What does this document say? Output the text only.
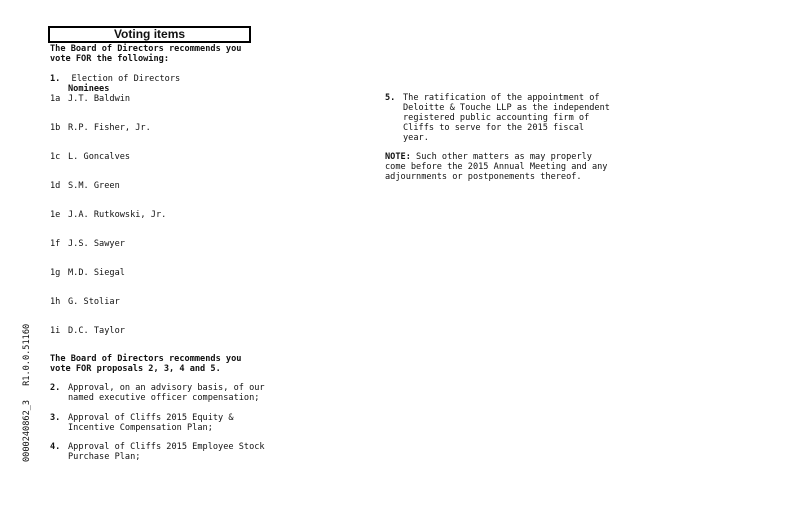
Voting items
The Board of Directors recommends you
vote FOR the following:
1. Election of Directors
Nominees
1a J.T. Baldwin
1b R.P. Fisher, Jr.
1c L. Goncalves
1d S.M. Green
1e J.A. Rutkowski, Jr.
1f J.S. Sawyer
1g M.D. Siegal
1h G. Stoliar
1i D.C. Taylor
The Board of Directors recommends you
vote FOR proposals 2, 3, 4 and 5.
2. Approval, on an advisory basis, of our
named executive officer compensation;
3. Approval of Cliffs 2015 Equity &
Incentive Compensation Plan;
4. Approval of Cliffs 2015 Employee Stock
Purchase Plan;
5. The ratification of the appointment of
Deloitte & Touche LLP as the independent
registered public accounting firm of
Cliffs to serve for the 2015 fiscal
year.
NOTE: Such other matters as may properly
come before the 2015 Annual Meeting and any
adjournments or postponements thereof.
0000240862_3
R1.0.0.51160
